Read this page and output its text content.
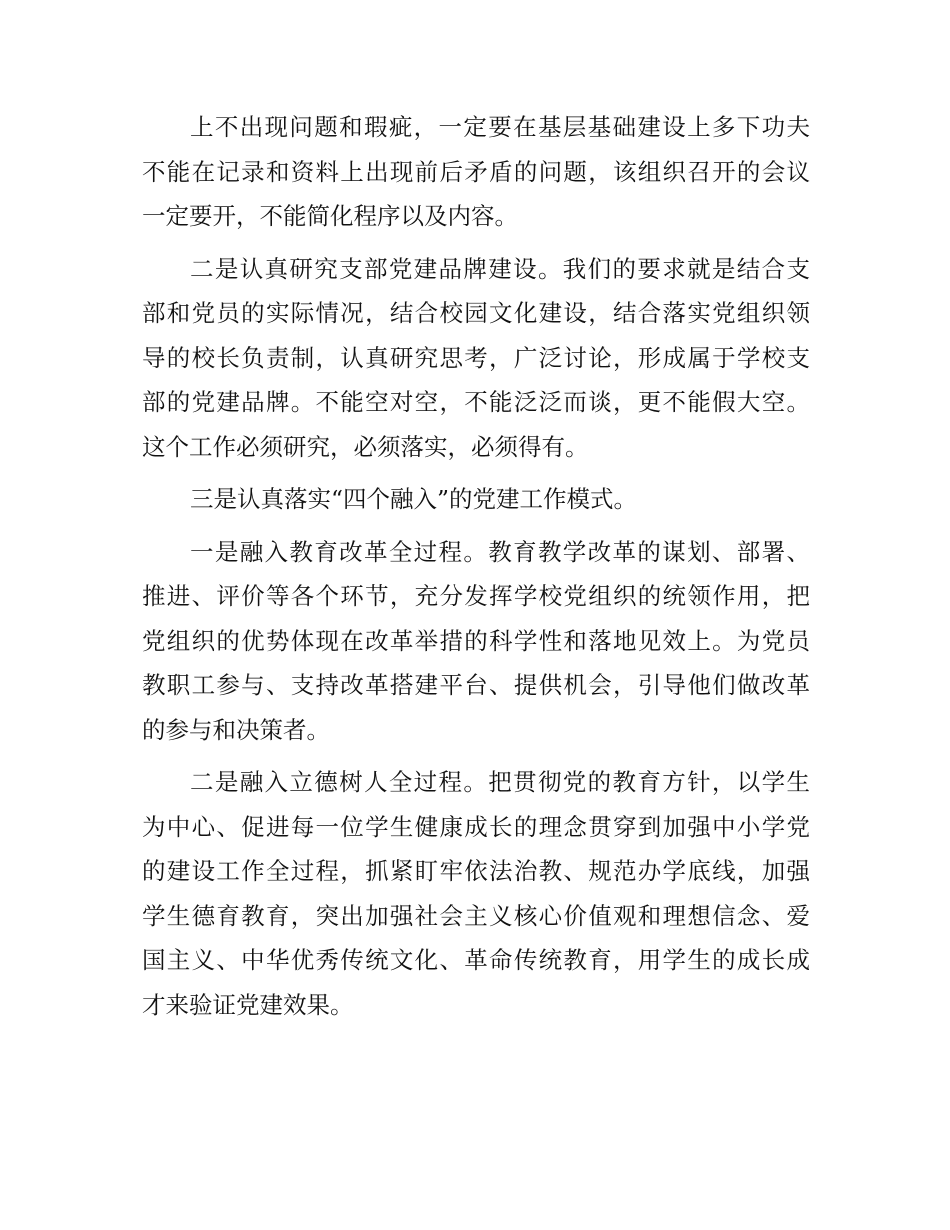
上不出现问题和瑕疵，一定要在基层基础建设上多下功夫
不能在记录和资料上出现前后矛盾的问题，该组织召开的会议
一定要开，不能简化程序以及内容。
二是认真研究支部党建品牌建设。我们的要求就是结合支
部和党员的实际情况，结合校园文化建设，结合落实党组织领
导的校长负责制，认真研究思考，广泛讨论，形成属于学校支
部的党建品牌。不能空对空，不能泛泛而谈，更不能假大空。
这个工作必须研究，必须落实，必须得有。
三是认真落实“四个融入”的党建工作模式。
一是融入教育改革全过程。教育教学改革的谋划、部署、
推进、评价等各个环节，充分发挥学校党组织的统领作用，把
党组织的优势体现在改革举措的科学性和落地见效上。为党员
教职工参与、支持改革搭建平台、提供机会，引导他们做改革
的参与和决策者。
二是融入立德树人全过程。把贯彻党的教育方针，以学生
为中心、促进每一位学生健康成长的理念贯穿到加强中小学党
的建设工作全过程，抓紧盯牢依法治教、规范办学底线，加强
学生德育教育，突出加强社会主义核心价值观和理想信念、爱
国主义、中华优秀传统文化、革命传统教育，用学生的成长成
才来验证党建效果。
